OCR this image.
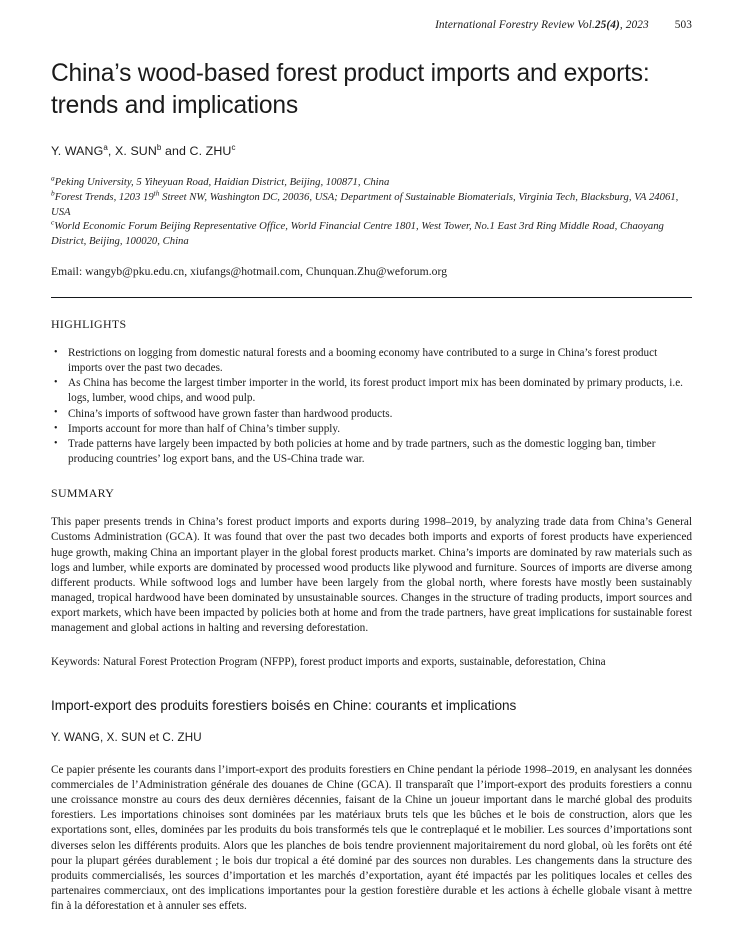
International Forestry Review Vol.25(4), 2023 503
China’s wood-based forest product imports and exports: trends and implications
Y. WANG$^a$, X. SUN$^b$ and C. ZHU$^c$

$^a$Peking University, 5 Yiheyuan Road, Haidian District, Beijing, 100871, China

$^b$Forest Trends, 1203 19th Street NW, Washington DC, 20036, USA; Department of Sustainable Biomaterials, Virginia Tech, Blacksburg, VA 24061, USA

$^c$World Economic Forum Beijing Representative Office, World Financial Centre 1801, West Tower, No.1 East 3rd Ring Middle Road, Chaoyang District, Beijing, 100020, China

Email: wangyb@pku.edu.cn, xiufangs@hotmail.com, Chunquan.Zhu@weforum.org
HIGHLIGHTS
• Restrictions on logging from domestic natural forests and a booming economy have contributed to a surge in China’s forest product imports over the past two decades.
• As China has become the largest timber importer in the world, its forest product import mix has been dominated by primary products, i.e. logs, lumber, wood chips, and wood pulp.
• China’s imports of softwood have grown faster than hardwood products.
• Imports account for more than half of China’s timber supply.
• Trade patterns have largely been impacted by both policies at home and by trade partners, such as the domestic logging ban, timber producing countries’ log export bans, and the US-China trade war.
SUMMARY

This paper presents trends in China’s forest product imports and exports during 1998–2019, by analyzing trade data from China’s General Customs Administration (GCA). It was found that over the past two decades both imports and exports of forest products have experienced huge growth, making China an important player in the global forest products market. China’s imports are dominated by raw materials such as logs and lumber, while exports are dominated by processed wood products like plywood and furniture. Sources of imports are diverse among different products. While softwood logs and lumber have been largely from the global north, where forests have mostly been sustainably managed, tropical hardwood have been dominated by unsustainable sources. Changes in the structure of trading products, import sources and export markets, which have been impacted by policies both at home and from the trade partners, have great implications for sustainable forest management and global actions in halting and reversing deforestation.

Keywords: Natural Forest Protection Program (NFPP), forest product imports and exports, sustainable, deforestation, China

Import-export des produits forestiers boisés en Chine: courants et implications
Y. WANG, X. SUN et C. ZHU

Ce papier présente les courants dans l’import-export des produits forestiers en Chine pendant la période 1998–2019, en analysant les données commerciales de l’Administration générale des douanes de Chine (GCA). Il transparaît que l’import-export des produits forestiers a connu une croissance monstre au cours des deux dernières décennies, faisant de la Chine un joueur important dans le marché global des produits forestiers. Les importations chinoises sont dominées par les matériaux bruts tels que les bûches et le bois de construction, alors que les exportations sont, elles, dominées par les produits du bois transformés tels que le contreplaqué et le mobilier. Les sources d’importations sont diverses selon les différents produits. Alors que les planches de bois tendre proviennent majoritairement du nord global, où les forêts ont été pour la plupart gérées durablement ; le bois dur tropical a été dominé par des sources non durables. Les changements dans la structure des produits commercialisés, les sources d’importation et les marchés d’exportation, ayant été impactés par les politiques locales et celles des partenaires commerciaux, ont des implications importantes pour la gestion forestière durable et les actions à échelle globale visant à mettre fin à la déforestation et à annuler ses effets.
